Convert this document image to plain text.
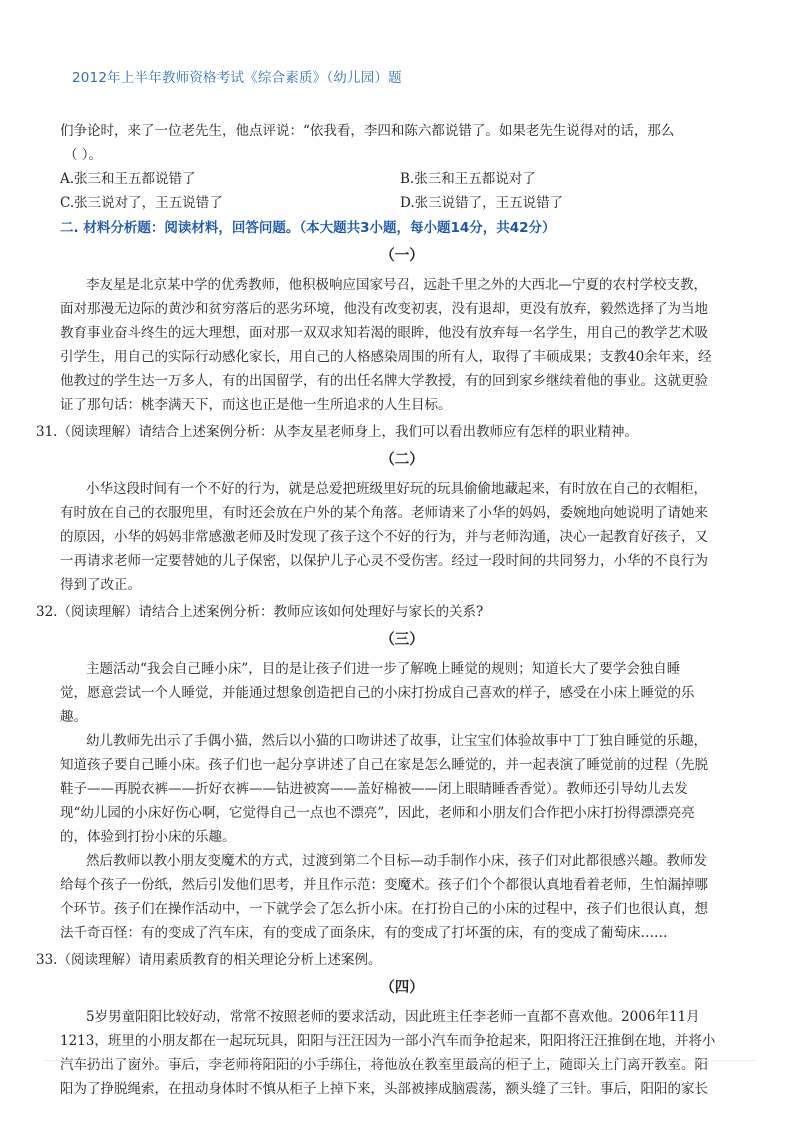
2012年上半年教师资格考试《综合素质》（幼儿园）题
们争论时，来了一位老先生，他点评说：“依我看，李四和陈六都说错了。如果老先生说得对的话，那么
（ ）。
A.张三和王五都说错了	B.张三和王五都说对了
C.张三说对了，王五说错了	D.张三说错了，王五说错了
二. 材料分析题：阅读材料，回答问题。（本大题共3小题，每小题14分，共42分）
（一）
李友星是北京某中学的优秀教师，他积极响应国家号召，远赴千里之外的大西北—宁夏的农村学校支教，
面对那漫无边际的黄沙和贫穷落后的恶劣环境，他没有改变初衷，没有退却，更没有放弃，毅然选择了为当地
教育事业奋斗终生的远大理想，面对那一双双求知若渴的眼眸，他没有放弃每一名学生，用自己的教学艺术吸
引学生，用自己的实际行动感化家长，用自己的人格感染周围的所有人，取得了丰硕成果；支教40余年来，经
他教过的学生达一万多人，有的出国留学，有的出任名牌大学教授，有的回到家乡继续着他的事业。这就更验
证了那句话：桃李满天下，而这也正是他一生所追求的人生目标。
31.（阅读理解）请结合上述案例分析：从李友星老师身上，我们可以看出教师应有怎样的职业精神。
（二）
小华这段时间有一个不好的行为，就是总爱把班级里好玩的玩具偷偷地藏起来，有时放在自己的衣帽柜，
有时放在自己的衣服兜里，有时还会放在户外的某个角落。老师请来了小华的妈妈，委婉地向她说明了请她来
的原因，小华的妈妈非常感激老师及时发现了孩子这个不好的行为，并与老师沟通，决心一起教育好孩子，又
一再请求老师一定要替她的儿子保密，以保护儿子心灵不受伤害。经过一段时间的共同努力，小华的不良行为
得到了改正。
32.（阅读理解）请结合上述案例分析：教师应该如何处理好与家长的关系?
（三）
主题活动“我会自己睡小床”，目的是让孩子们进一步了解晚上睡觉的规则；知道长大了要学会独自睡
觉，愿意尝试一个人睡觉，并能通过想象创造把自己的小床打扮成自己喜欢的样子，感受在小床上睡觉的乐
趣。
幼儿教师先出示了手偶小猫，然后以小猫的口吻讲述了故事，让宝宝们体验故事中丁丁独自睡觉的乐趣，
知道孩子要自己睡小床。孩子们也一起分享讲述了自己在家是怎么睡觉的，并一起表演了睡觉前的过程（先脱
鞋子——再脱衣裤——折好衣裤——钻进被窝——盖好棉被——闭上眼睛睡香香觉）。教师还引导幼儿去发
现“幼儿园的小床好伤心啊，它觉得自己一点也不漂亮”，因此，老师和小朋友们合作把小床打扮得漂漂亮亮
的，体验到打扮小床的乐趣。
然后教师以教小朋友变魔术的方式，过渡到第二个目标—动手制作小床，孩子们对此都很感兴趣。教师发
给每个孩子一份纸，然后引发他们思考，并且作示范：变魔术。孩子们个个都很认真地看着老师，生怕漏掉哪
个环节。孩子们在操作活动中，一下就学会了怎么折小床。在打扮自己的小床的过程中，孩子们也很认真，想
法千奇百怪：有的变成了汽车床，有的变成了面条床，有的变成了打坏蛋的床，有的变成了葡萄床……
33.（阅读理解）请用素质教育的相关理论分析上述案例。
（四）
5岁男童阳阳比较好动，常常不按照老师的要求活动，因此班主任李老师一直都不喜欢他。2006年11月
1213，班里的小朋友都在一起玩玩具，阳阳与汪汪因为一部小汽车而争抢起来，阳阳将汪汪推倒在地，并将小
汽车扔出了窗外。事后，李老师将阳阳的小手绑住，将他放在教室里最高的柜子上，随即关上门离开教室。阳
阳为了挣脱绳索，在扭动身体时不慎从柜子上掉下来，头部被摔成脑震荡，额头缝了三针。事后，阳阳的家长
